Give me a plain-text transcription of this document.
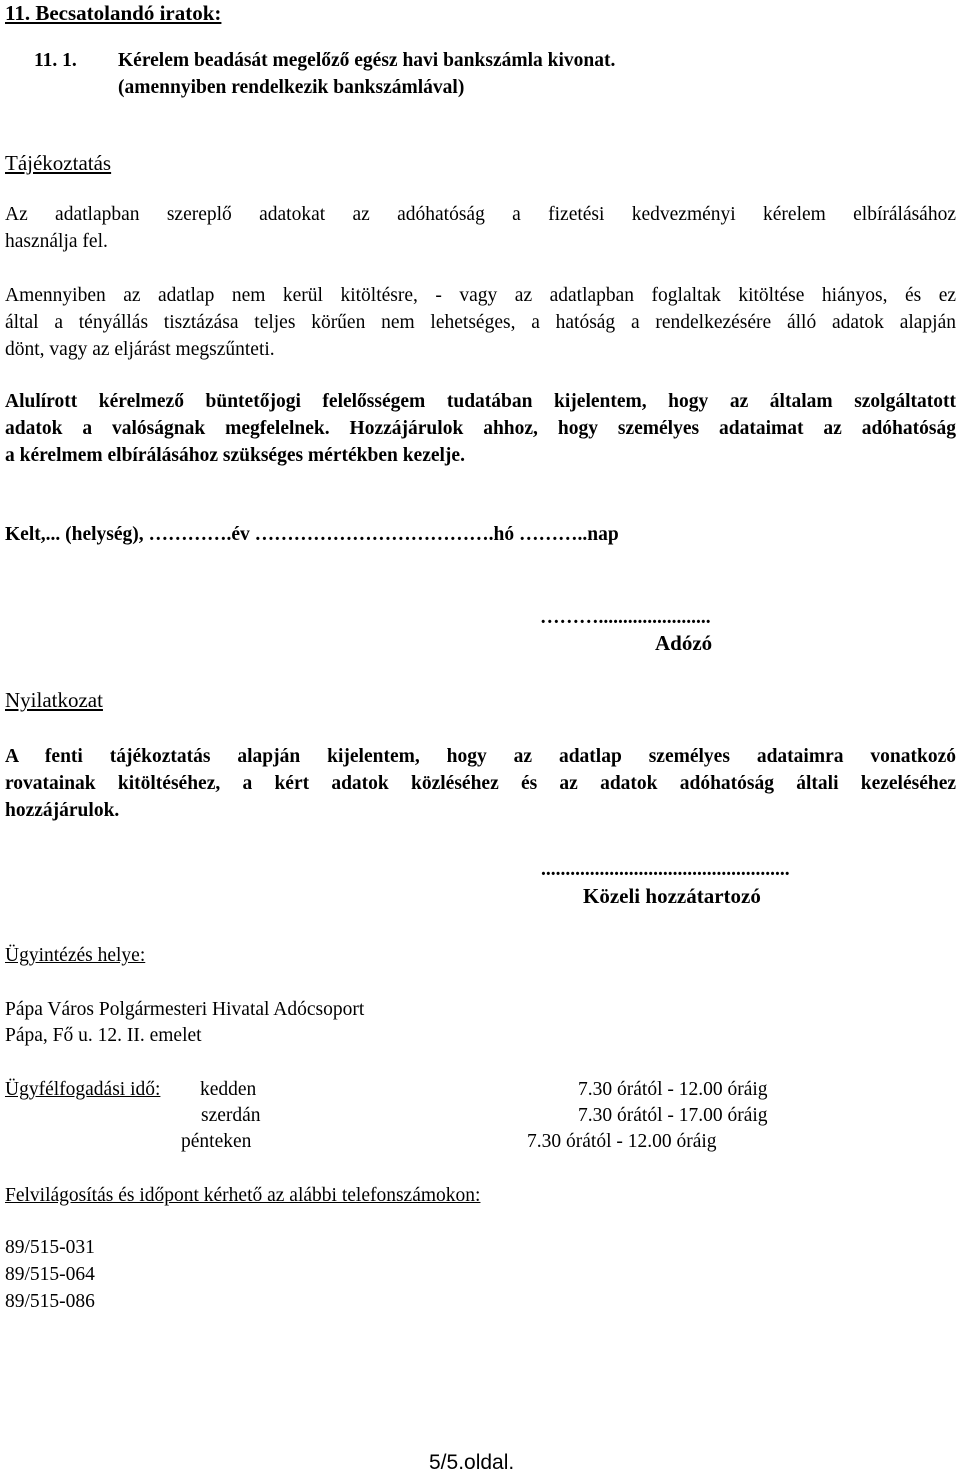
11. Becsatolandó iratok:
11. 1. Kérelem beadását megelőző egész havi bankszámla kivonat.
(amennyiben rendelkezik bankszámlával)
Tájékoztatás
Az adatlapban szereplő adatokat az adóhatóság a fizetési kedvezményi kérelem elbírálásához
használja fel.
Amennyiben az adatlap nem kerül kitöltésre, - vagy az adatlapban foglaltak kitöltése hiányos, és ez
által a tényállás tisztázása teljes körűen nem lehetséges, a hatóság a rendelkezésére álló adatok alapján
dönt, vagy az eljárást megszűnteti.
Alulírott kérelmező büntetőjogi felelősségem tudatában kijelentem, hogy az általam szolgáltatott
adatok a valóságnak megfelelnek. Hozzájárulok ahhoz, hogy személyes adataimat az adóhatóság
a kérelmem elbírálásához szükséges mértékben kezelje.
Kelt,... (helység), ………….év ……………………………….hó ………..nap
……….......................
Adózó
Nyilatkozat
A fenti tájékoztatás alapján kijelentem, hogy az adatlap személyes adataimra vonatkozó
rovatainak kitöltéséhez, a kért adatok közléséhez és az adatok adóhatóság általi kezeléséhez
hozzájárulok.
...................................................
Közeli hozzátartozó
Ügyintézés helye:
Pápa Város Polgármesteri Hivatal Adócsoport
Pápa, Fő u. 12. II. emelet
Ügyfélfogadási idő: kedden	7.30 órától - 12.00 óráig
szerdán	7.30 órától - 17.00 óráig
pénteken	7.30 órától - 12.00 óráig
Felvilágosítás és időpont kérhető az alábbi telefonszámokon:
89/515-031
89/515-064
89/515-086
5/5.oldal.
